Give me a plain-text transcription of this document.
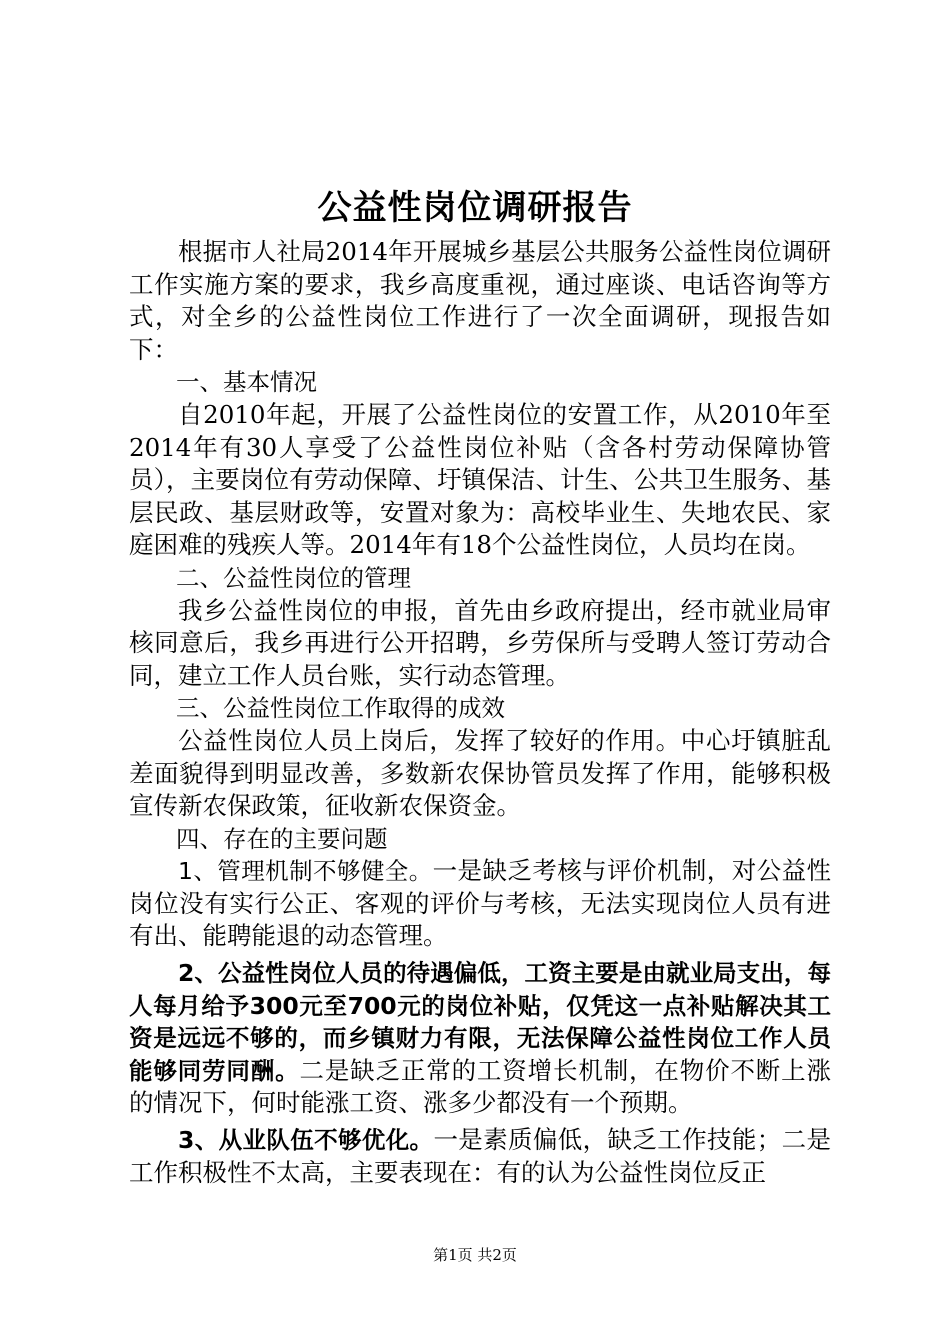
公益性岗位调研报告

根据市人社局2014年开展城乡基层公共服务公益性岗位调研工作实施方案的要求，我乡高度重视，通过座谈、电话咨询等方式，对全乡的公益性岗位工作进行了一次全面调研，现报告如下：

一、基本情况

自2010年起，开展了公益性岗位的安置工作，从2010年至2014年有30人享受了公益性岗位补贴（含各村劳动保障协管员），主要岗位有劳动保障、圩镇保洁、计生、公共卫生服务、基层民政、基层财政等，安置对象为：高校毕业生、失地农民、家庭困难的残疾人等。2014年有18个公益性岗位，人员均在岗。

二、公益性岗位的管理

我乡公益性岗位的申报，首先由乡政府提出，经市就业局审核同意后，我乡再进行公开招聘，乡劳保所与受聘人签订劳动合同，建立工作人员台账，实行动态管理。

三、公益性岗位工作取得的成效

公益性岗位人员上岗后，发挥了较好的作用。中心圩镇脏乱差面貌得到明显改善，多数新农保协管员发挥了作用，能够积极宣传新农保政策，征收新农保资金。

四、存在的主要问题

1、管理机制不够健全。一是缺乏考核与评价机制，对公益性岗位没有实行公正、客观的评价与考核，无法实现岗位人员有进有出、能聘能退的动态管理。

2、公益性岗位人员的待遇偏低，工资主要是由就业局支出，每人每月给予300元至700元的岗位补贴，仅凭这一点补贴解决其工资是远远不够的，而乡镇财力有限，无法保障公益性岗位工作人员能够同劳同酬。二是缺乏正常的工资增长机制，在物价不断上涨的情况下，何时能涨工资、涨多少都没有一个预期。

3、从业队伍不够优化。一是素质偏低，缺乏工作技能；二是工作积极性不太高，主要表现在：有的认为公益性岗位反正

第1页 共2页
